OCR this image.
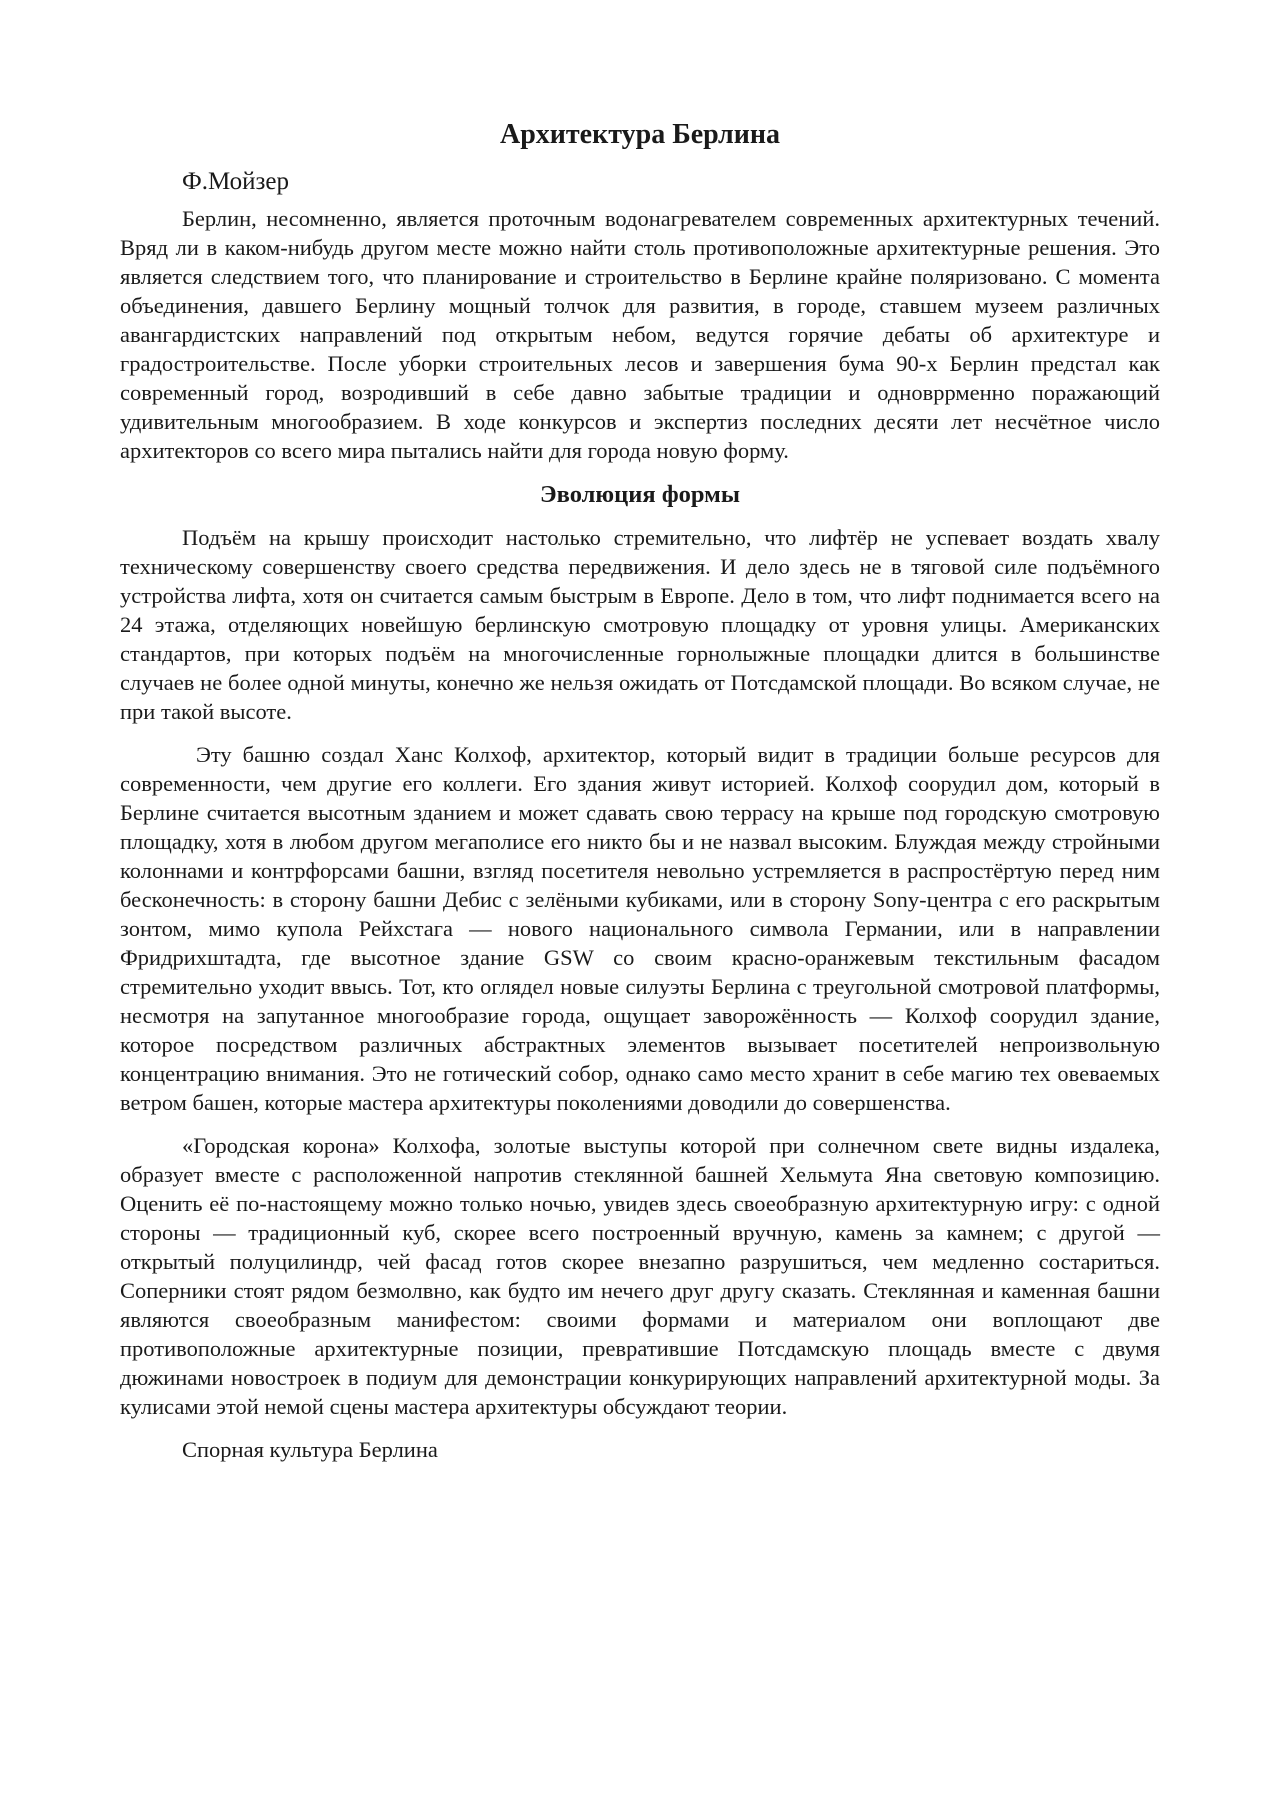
Архитектура Берлина

Ф.Мойзер

Берлин, несомненно, является проточным водонагревателем современных архитектурных течений. Вряд ли в каком-нибудь другом месте можно найти столь противоположные архитектурные решения. Это является следствием того, что планирование и строительство в Берлине крайне поляризовано. С момента объединения, давшего Берлину мощный толчок для развития, в городе, ставшем музеем различных авангардистских направлений под открытым небом, ведутся горячие дебаты об архитектуре и градостроительстве. После уборки строительных лесов и завершения бума 90-х Берлин предстал как современный город, возродивший в себе давно забытые традиции и одновррменно поражающий удивительным многообразием. В ходе конкурсов и экспертиз последних десяти лет несчётное число архитекторов со всего мира пытались найти для города новую форму.

Эволюция формы

Подъём на крышу происходит настолько стремительно, что лифтёр не успевает воздать хвалу техническому совершенству своего средства передвижения. И дело здесь не в тяговой силе подъёмного устройства лифта, хотя он считается самым быстрым в Европе. Дело в том, что лифт поднимается всего на 24 этажа, отделяющих новейшую берлинскую смотровую площадку от уровня улицы. Американских стандартов, при которых подъём на многочисленные горнолыжные площадки длится в большинстве случаев не более одной минуты, конечно же нельзя ожидать от Потсдамской площади. Во всяком случае, не при такой высоте.

Эту башню создал Ханс Колхоф, архитектор, который видит в традиции больше ресурсов для современности, чем другие его коллеги. Его здания живут историей. Колхоф соорудил дом, который в Берлине считается высотным зданием и может сдавать свою террасу на крыше под городскую смотровую площадку, хотя в любом другом мегаполисе его никто бы и не назвал высоким. Блуждая между стройными колоннами и контрфорсами башни, взгляд посетителя невольно устремляется в распростёртую перед ним бесконечность: в сторону башни Дебис с зелёными кубиками, или в сторону Sony-центра с его раскрытым зонтом, мимо купола Рейхстага — нового национального символа Германии, или в направлении Фридрихштадта, где высотное здание GSW со своим красно-оранжевым текстильным фасадом стремительно уходит ввысь. Тот, кто оглядел новые силуэты Берлина с треугольной смотровой платформы, несмотря на запутанное многообразие города, ощущает заворожённость — Колхоф соорудил здание, которое посредством различных абстрактных элементов вызывает посетителей непроизвольную концентрацию внимания. Это не готический собор, однако само место хранит в себе магию тех овеваемых ветром башен, которые мастера архитектуры поколениями доводили до совершенства.

«Городская корона» Колхофа, золотые выступы которой при солнечном свете видны издалека, образует вместе с расположенной напротив стеклянной башней Хельмута Яна световую композицию. Оценить её по-настоящему можно только ночью, увидев здесь своеобразную архитектурную игру: с одной стороны — традиционный куб, скорее всего построенный вручную, камень за камнем; с другой — открытый полуцилиндр, чей фасад готов скорее внезапно разрушиться, чем медленно состариться. Соперники стоят рядом безмолвно, как будто им нечего друг другу сказать. Стеклянная и каменная башни являются своеобразным манифестом: своими формами и материалом они воплощают две противоположные архитектурные позиции, превратившие Потсдамскую площадь вместе с двумя дюжинами новостроек в подиум для демонстрации конкурирующих направлений архитектурной моды. За кулисами этой немой сцены мастера архитектуры обсуждают теории.

Спорная культура Берлина
